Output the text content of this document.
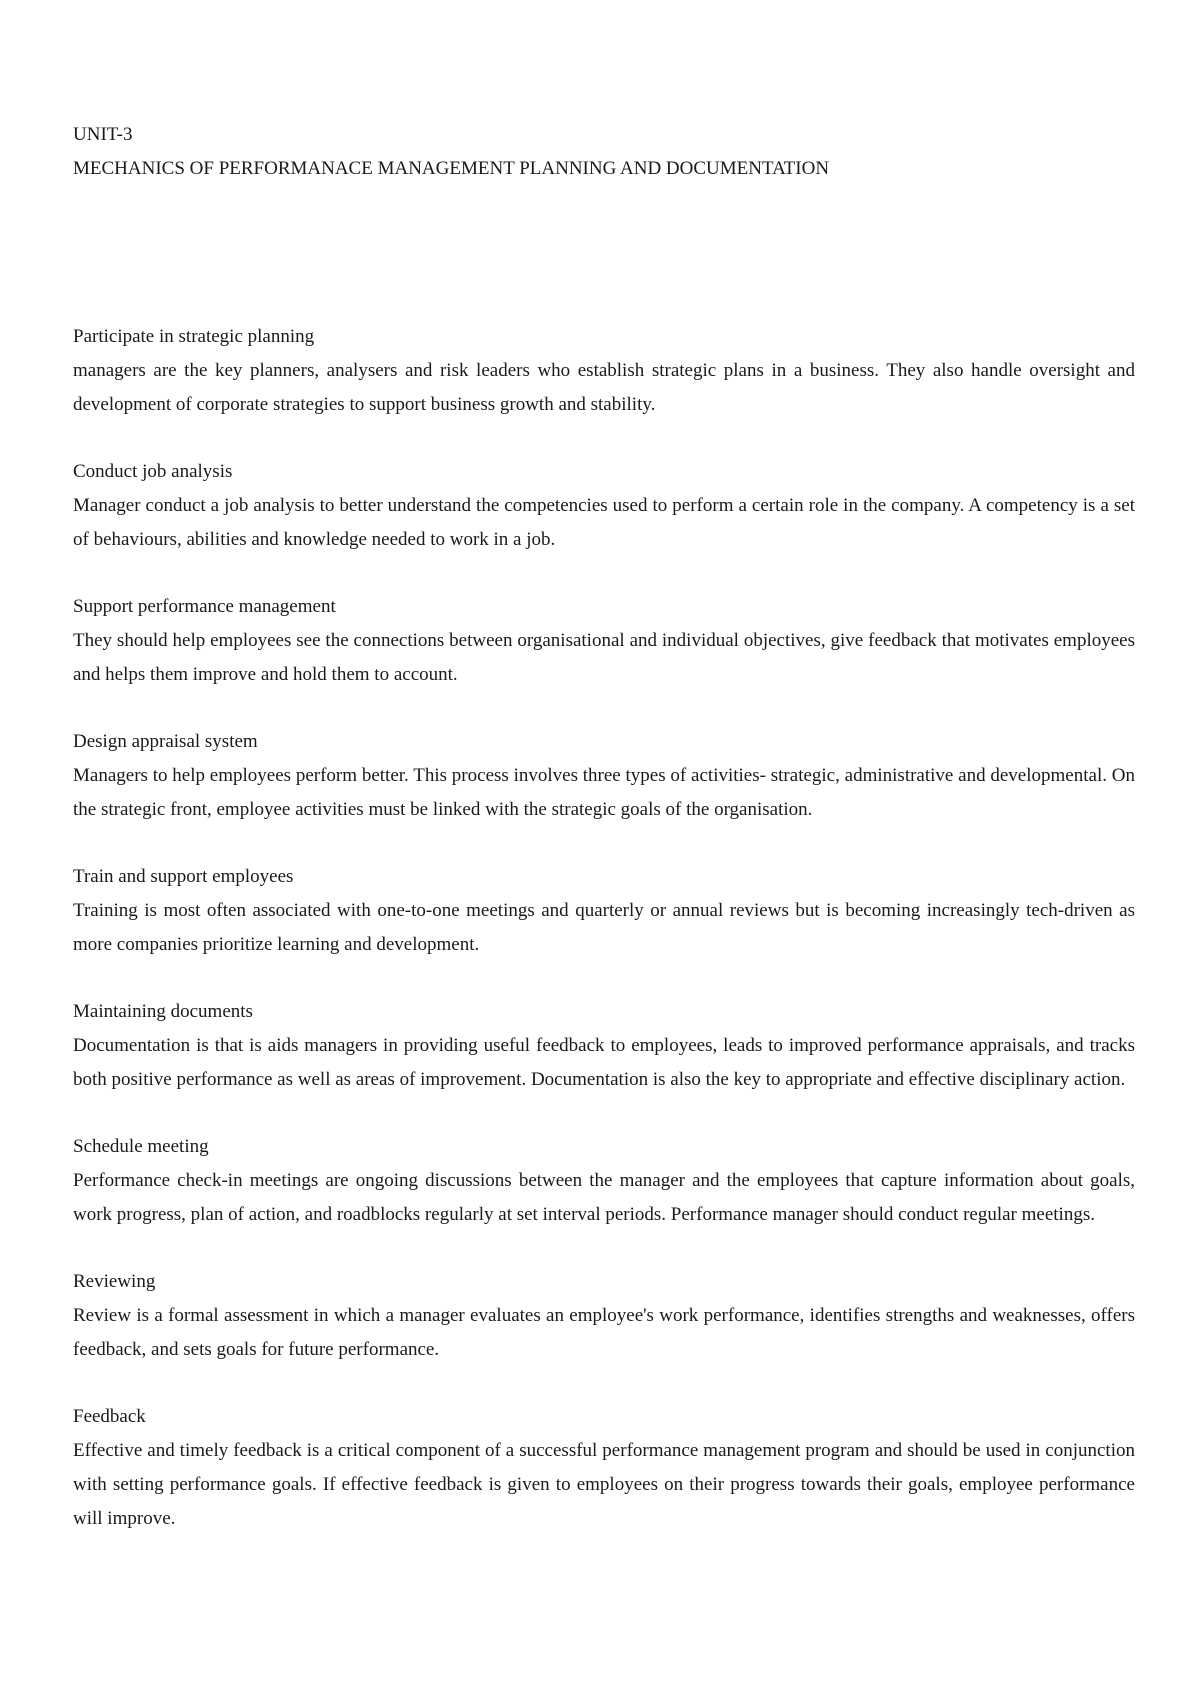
UNIT-3

MECHANICS OF PERFORMANACE MANAGEMENT PLANNING AND DOCUMENTATION

Participate in strategic planning

managers are the key planners, analysers and risk leaders who establish strategic plans in a business. They also handle oversight and development of corporate strategies to support business growth and stability.

Conduct job analysis

Manager conduct a job analysis to better understand the competencies used to perform a certain role in the company. A competency is a set of behaviours, abilities and knowledge needed to work in a job.

Support performance management

They should help employees see the connections between organisational and individual objectives, give feedback that motivates employees and helps them improve and hold them to account.

Design appraisal system

Managers to help employees perform better. This process involves three types of activities- strategic, administrative and developmental. On the strategic front, employee activities must be linked with the strategic goals of the organisation.

Train and support employees

Training is most often associated with one-to-one meetings and quarterly or annual reviews but is becoming increasingly tech-driven as more companies prioritize learning and development.

Maintaining documents

Documentation is that is aids managers in providing useful feedback to employees, leads to improved performance appraisals, and tracks both positive performance as well as areas of improvement. Documentation is also the key to appropriate and effective disciplinary action.

Schedule meeting

Performance check-in meetings are ongoing discussions between the manager and the employees that capture information about goals, work progress, plan of action, and roadblocks regularly at set interval periods. Performance manager should conduct regular meetings.

Reviewing

Review is a formal assessment in which a manager evaluates an employee's work performance, identifies strengths and weaknesses, offers feedback, and sets goals for future performance.

Feedback

Effective and timely feedback is a critical component of a successful performance management program and should be used in conjunction with setting performance goals. If effective feedback is given to employees on their progress towards their goals, employee performance will improve.
